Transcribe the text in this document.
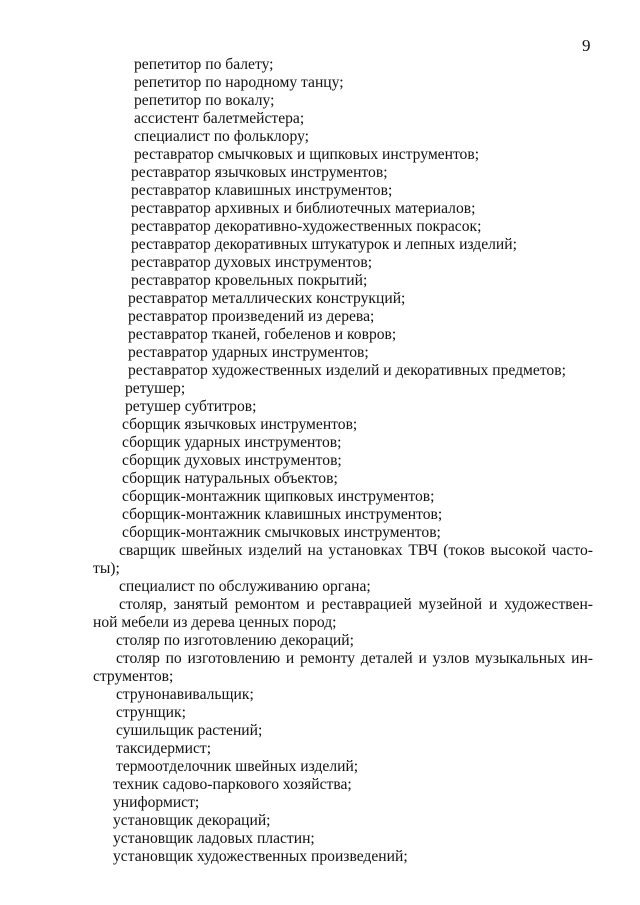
9
репетитор по балету;
репетитор по народному танцу;
репетитор по вокалу;
ассистент балетмейстера;
специалист по фольклору;
реставратор смычковых и щипковых инструментов;
реставратор язычковых инструментов;
реставратор клавишных инструментов;
реставратор архивных и библиотечных материалов;
реставратор декоративно-художественных покрасок;
реставратор декоративных штукатурок и лепных изделий;
реставратор духовых инструментов;
реставратор кровельных покрытий;
реставратор металлических конструкций;
реставратор произведений из дерева;
реставратор тканей, гобеленов и ковров;
реставратор ударных инструментов;
реставратор художественных изделий и декоративных предметов;
ретушер;
ретушер субтитров;
сборщик язычковых инструментов;
сборщик ударных инструментов;
сборщик духовых инструментов;
сборщик натуральных объектов;
сборщик-монтажник щипковых инструментов;
сборщик-монтажник клавишных инструментов;
сборщик-монтажник смычковых инструментов;
сварщик швейных изделий на установках ТВЧ (токов высокой часто-
ты);
специалист по обслуживанию органа;
столяр, занятый ремонтом и реставрацией музейной и художествен-
ной мебели из дерева ценных пород;
столяр по изготовлению декораций;
столяр по изготовлению и ремонту деталей и узлов музыкальных ин-
струментов;
струнонавивальщик;
струнщик;
сушильщик растений;
таксидермист;
термоотделочник швейных изделий;
техник садово-паркового хозяйства;
униформист;
установщик декораций;
установщик ладовых пластин;
установщик художественных произведений;
